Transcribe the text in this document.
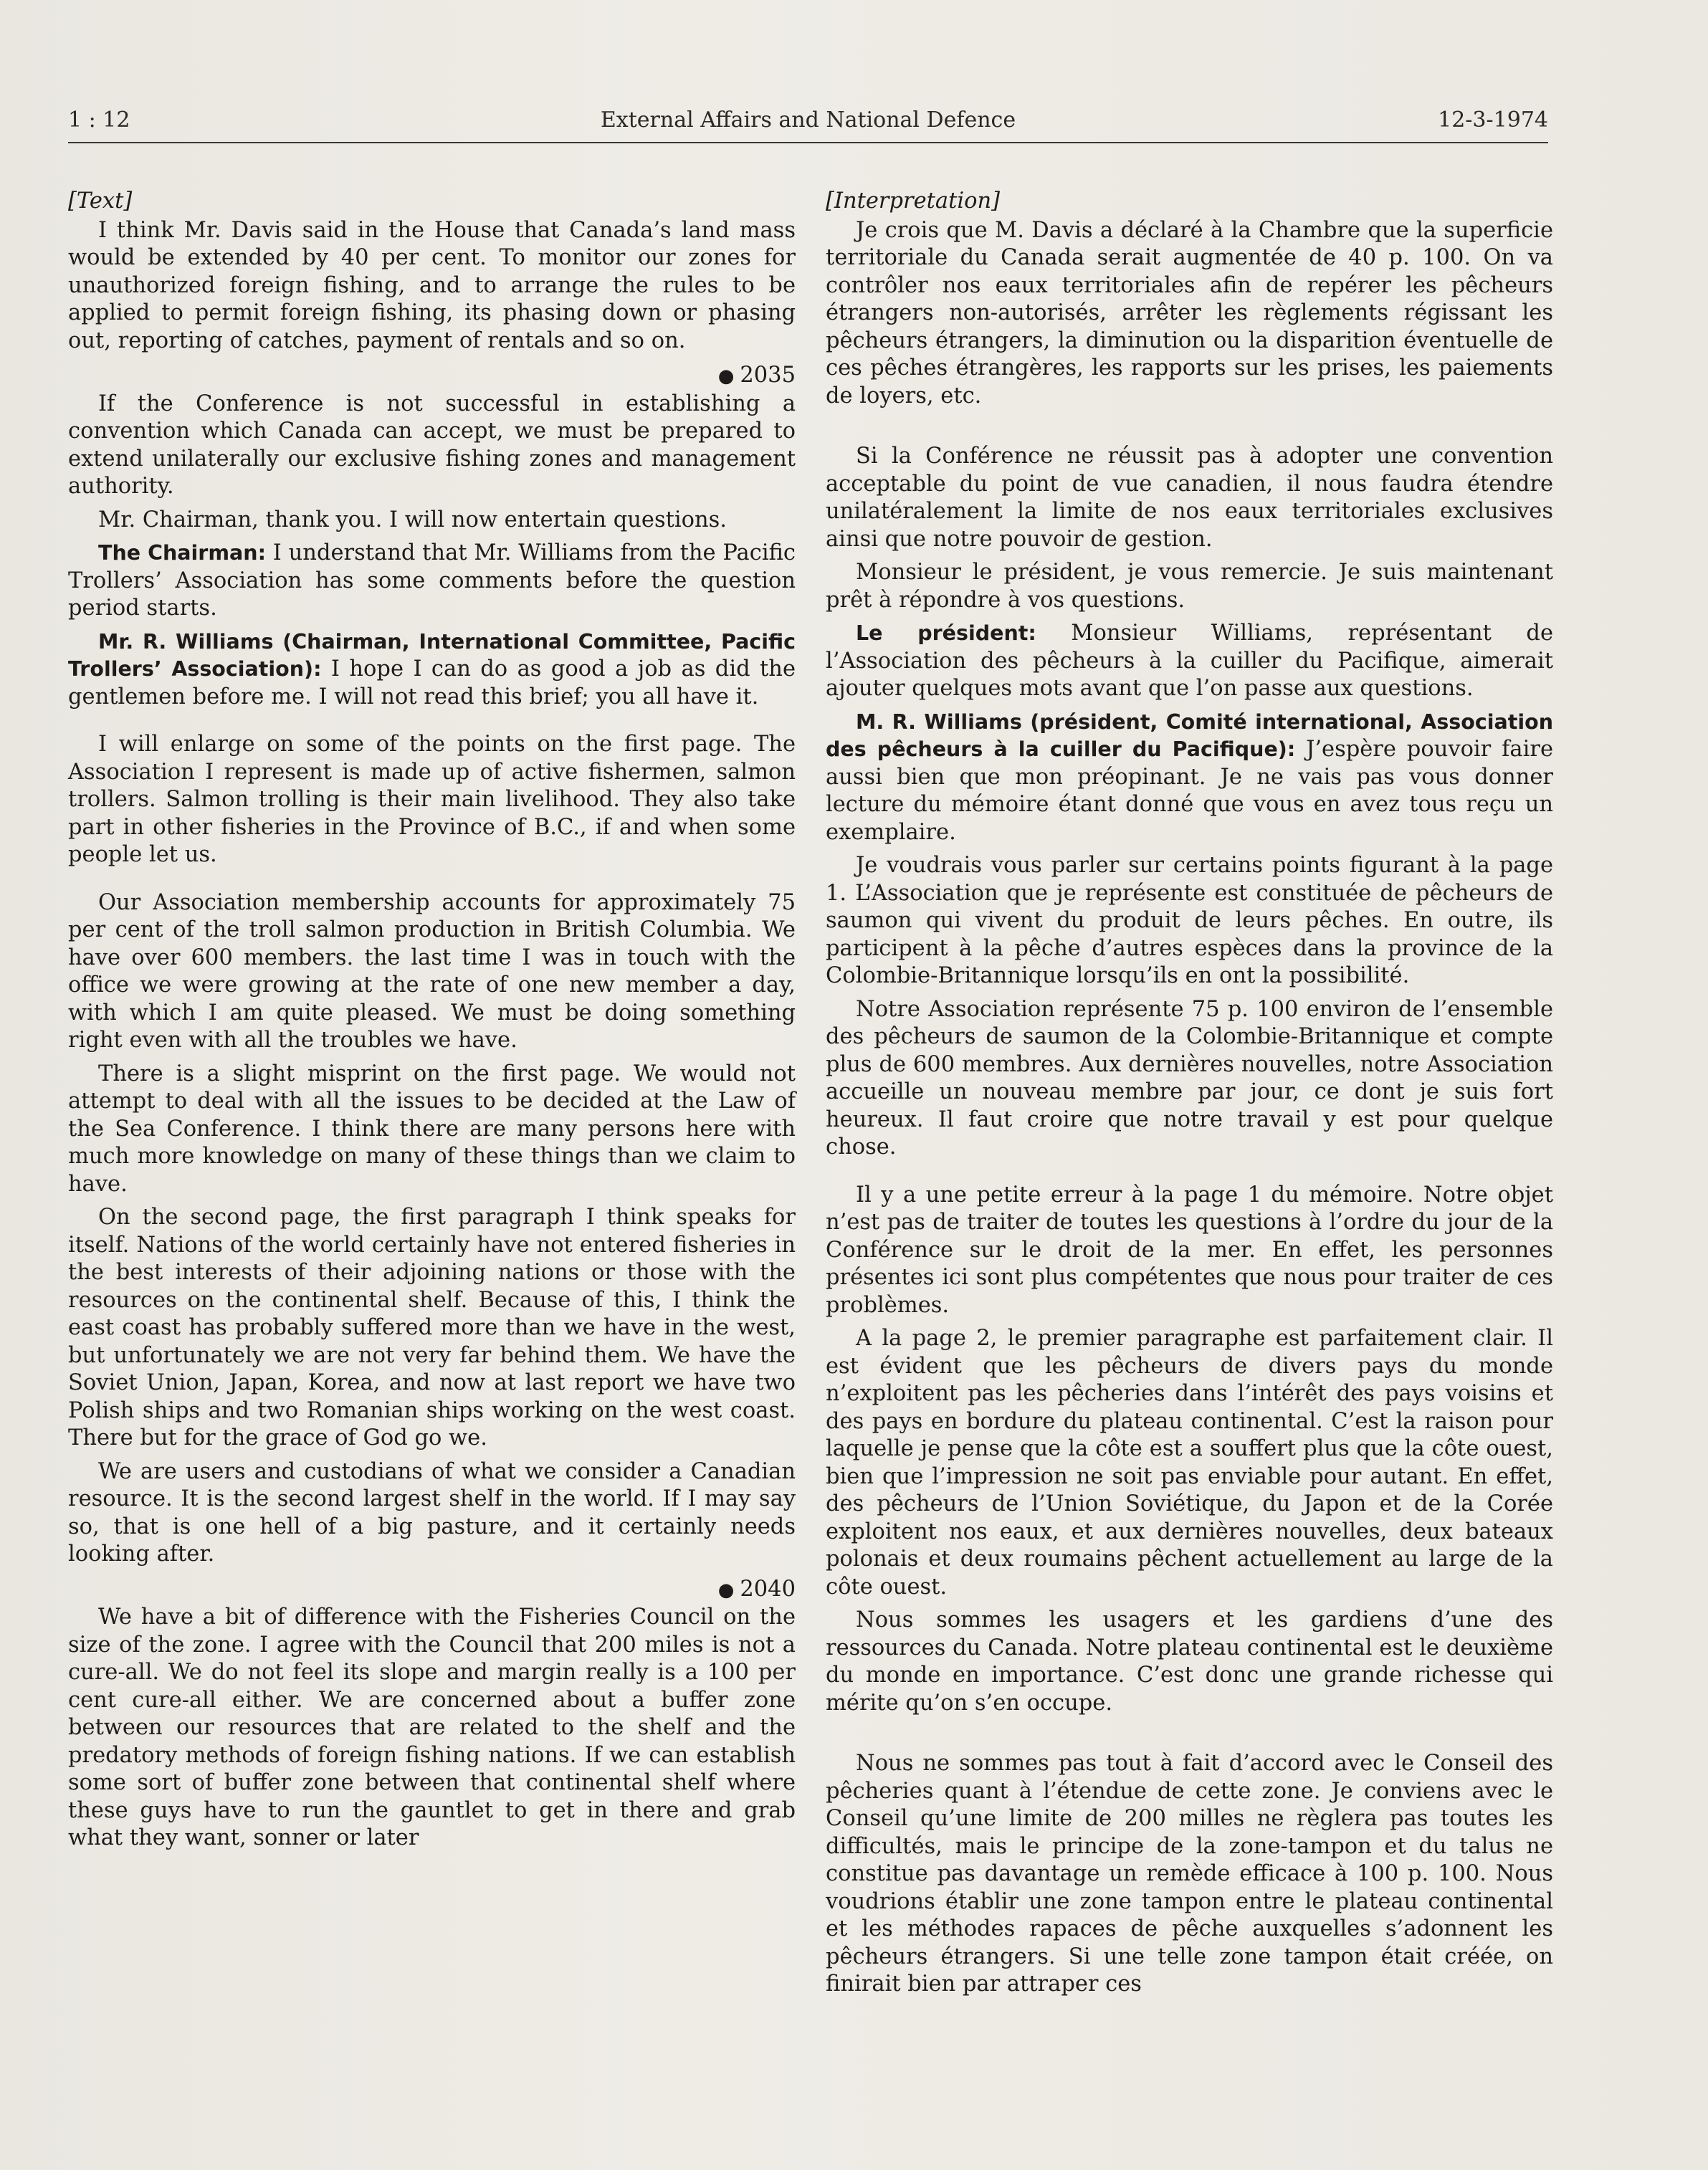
1 : 12	External Affairs and National Defence	12-3-1974

[Text]

I think Mr. Davis said in the House that Canada’s land mass would be extended by 40 per cent. To monitor our zones for unauthorized foreign fishing, and to arrange the rules to be applied to permit foreign fishing, its phasing down or phasing out, reporting of catches, payment of rentals and so on.

● 2035

If the Conference is not successful in establishing a convention which Canada can accept, we must be prepared to extend unilaterally our exclusive fishing zones and management authority.

Mr. Chairman, thank you. I will now entertain questions.

The Chairman: I understand that Mr. Williams from the Pacific Trollers’ Association has some comments before the question period starts.

Mr. R. Williams (Chairman, International Committee, Pacific Trollers’ Association): I hope I can do as good a job as did the gentlemen before me. I will not read this brief; you all have it.

I will enlarge on some of the points on the first page. The Association I represent is made up of active fishermen, salmon trollers. Salmon trolling is their main livelihood. They also take part in other fisheries in the Province of B.C., if and when some people let us.

Our Association membership accounts for approximately 75 per cent of the troll salmon production in British Columbia. We have over 600 members. the last time I was in touch with the office we were growing at the rate of one new member a day, with which I am quite pleased. We must be doing something right even with all the troubles we have.

There is a slight misprint on the first page. We would not attempt to deal with all the issues to be decided at the Law of the Sea Conference. I think there are many persons here with much more knowledge on many of these things than we claim to have.

On the second page, the first paragraph I think speaks for itself. Nations of the world certainly have not entered fisheries in the best interests of their adjoining nations or those with the resources on the continental shelf. Because of this, I think the east coast has probably suffered more than we have in the west, but unfortunately we are not very far behind them. We have the Soviet Union, Japan, Korea, and now at last report we have two Polish ships and two Romanian ships working on the west coast. There but for the grace of God go we.

We are users and custodians of what we consider a Canadian resource. It is the second largest shelf in the world. If I may say so, that is one hell of a big pasture, and it certainly needs looking after.

● 2040

We have a bit of difference with the Fisheries Council on the size of the zone. I agree with the Council that 200 miles is not a cure-all. We do not feel its slope and margin really is a 100 per cent cure-all either. We are concerned about a buffer zone between our resources that are related to the shelf and the predatory methods of foreign fishing nations. If we can establish some sort of buffer zone between that continental shelf where these guys have to run the gauntlet to get in there and grab what they want, sonner or later

[Interpretation]

Je crois que M. Davis a déclaré à la Chambre que la superficie territoriale du Canada serait augmentée de 40 p. 100. On va contrôler nos eaux territoriales afin de repérer les pêcheurs étrangers non-autorisés, arrêter les règlements régissant les pêcheurs étrangers, la diminution ou la disparition éventuelle de ces pêches étrangères, les rapports sur les prises, les paiements de loyers, etc.

Si la Conférence ne réussit pas à adopter une convention acceptable du point de vue canadien, il nous faudra étendre unilatéralement la limite de nos eaux territoriales exclusives ainsi que notre pouvoir de gestion.

Monsieur le président, je vous remercie. Je suis maintenant prêt à répondre à vos questions.

Le président: Monsieur Williams, représentant de l’Association des pêcheurs à la cuiller du Pacifique, aimerait ajouter quelques mots avant que l’on passe aux questions.

M. R. Williams (président, Comité international, Association des pêcheurs à la cuiller du Pacifique): J’espère pouvoir faire aussi bien que mon préopinant. Je ne vais pas vous donner lecture du mémoire étant donné que vous en avez tous reçu un exemplaire.

Je voudrais vous parler sur certains points figurant à la page 1. L’Association que je représente est constituée de pêcheurs de saumon qui vivent du produit de leurs pêches. En outre, ils participent à la pêche d’autres espèces dans la province de la Colombie-Britannique lorsqu’ils en ont la possibilité.

Notre Association représente 75 p. 100 environ de l’ensemble des pêcheurs de saumon de la Colombie-Britannique et compte plus de 600 membres. Aux dernières nouvelles, notre Association accueille un nouveau membre par jour, ce dont je suis fort heureux. Il faut croire que notre travail y est pour quelque chose.

Il y a une petite erreur à la page 1 du mémoire. Notre objet n’est pas de traiter de toutes les questions à l’ordre du jour de la Conférence sur le droit de la mer. En effet, les personnes présentes ici sont plus compétentes que nous pour traiter de ces problèmes.

A la page 2, le premier paragraphe est parfaitement clair. Il est évident que les pêcheurs de divers pays du monde n’exploitent pas les pêcheries dans l’intérêt des pays voisins et des pays en bordure du plateau continental. C’est la raison pour laquelle je pense que la côte est a souffert plus que la côte ouest, bien que l’impression ne soit pas enviable pour autant. En effet, des pêcheurs de l’Union Soviétique, du Japon et de la Corée exploitent nos eaux, et aux dernières nouvelles, deux bateaux polonais et deux roumains pêchent actuellement au large de la côte ouest.

Nous sommes les usagers et les gardiens d’une des ressources du Canada. Notre plateau continental est le deuxième du monde en importance. C’est donc une grande richesse qui mérite qu’on s’en occupe.

Nous ne sommes pas tout à fait d’accord avec le Conseil des pêcheries quant à l’étendue de cette zone. Je conviens avec le Conseil qu’une limite de 200 milles ne règlera pas toutes les difficultés, mais le principe de la zone-tampon et du talus ne constitue pas davantage un remède efficace à 100 p. 100. Nous voudrions établir une zone tampon entre le plateau continental et les méthodes rapaces de pêche auxquelles s’adonnent les pêcheurs étrangers. Si une telle zone tampon était créée, on finirait bien par attraper ces
